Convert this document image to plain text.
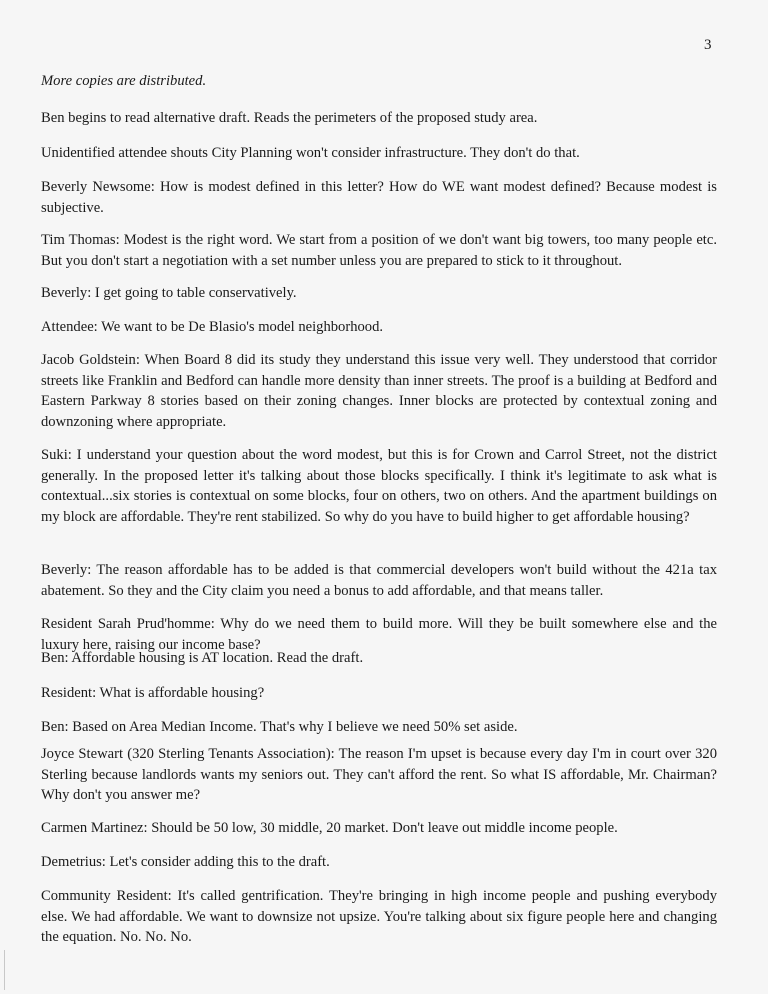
3

More copies are distributed.

Ben begins to read alternative draft. Reads the perimeters of the proposed study area.

Unidentified attendee shouts City Planning won't consider infrastructure. They don't do that.

Beverly Newsome: How is modest defined in this letter? How do WE want modest defined? Because modest is subjective.

Tim Thomas: Modest is the right word. We start from a position of we don't want big towers, too many people etc. But you don't start a negotiation with a set number unless you are prepared to stick to it throughout.

Beverly: I get going to table conservatively.

Attendee: We want to be De Blasio's model neighborhood.

Jacob Goldstein: When Board 8 did its study they understand this issue very well. They understood that corridor streets like Franklin and Bedford can handle more density than inner streets. The proof is a building at Bedford and Eastern Parkway 8 stories based on their zoning changes. Inner blocks are protected by contextual zoning and downzoning where appropriate.

Suki: I understand your question about the word modest, but this is for Crown and Carrol Street, not the district generally. In the proposed letter it's talking about those blocks specifically. I think it's legitimate to ask what is contextual...six stories is contextual on some blocks, four on others, two on others. And the apartment buildings on my block are affordable. They're rent stabilized. So why do you have to build higher to get affordable housing?

Beverly: The reason affordable has to be added is that commercial developers won't build without the 421a tax abatement. So they and the City claim you need a bonus to add affordable, and that means taller.

Resident Sarah Prud'homme: Why do we need them to build more. Will they be built somewhere else and the luxury here, raising our income base?

Ben: Affordable housing is AT location. Read the draft.

Resident: What is affordable housing?

Ben: Based on Area Median Income. That's why I believe we need 50% set aside.

Joyce Stewart (320 Sterling Tenants Association): The reason I'm upset is because every day I'm in court over 320 Sterling because landlords wants my seniors out. They can't afford the rent. So what IS affordable, Mr. Chairman? Why don't you answer me?

Carmen Martinez: Should be 50 low, 30 middle, 20 market. Don't leave out middle income people.

Demetrius: Let's consider adding this to the draft.

Community Resident: It's called gentrification. They're bringing in high income people and pushing everybody else. We had affordable. We want to downsize not upsize. You're talking about six figure people here and changing the equation. No. No. No.
